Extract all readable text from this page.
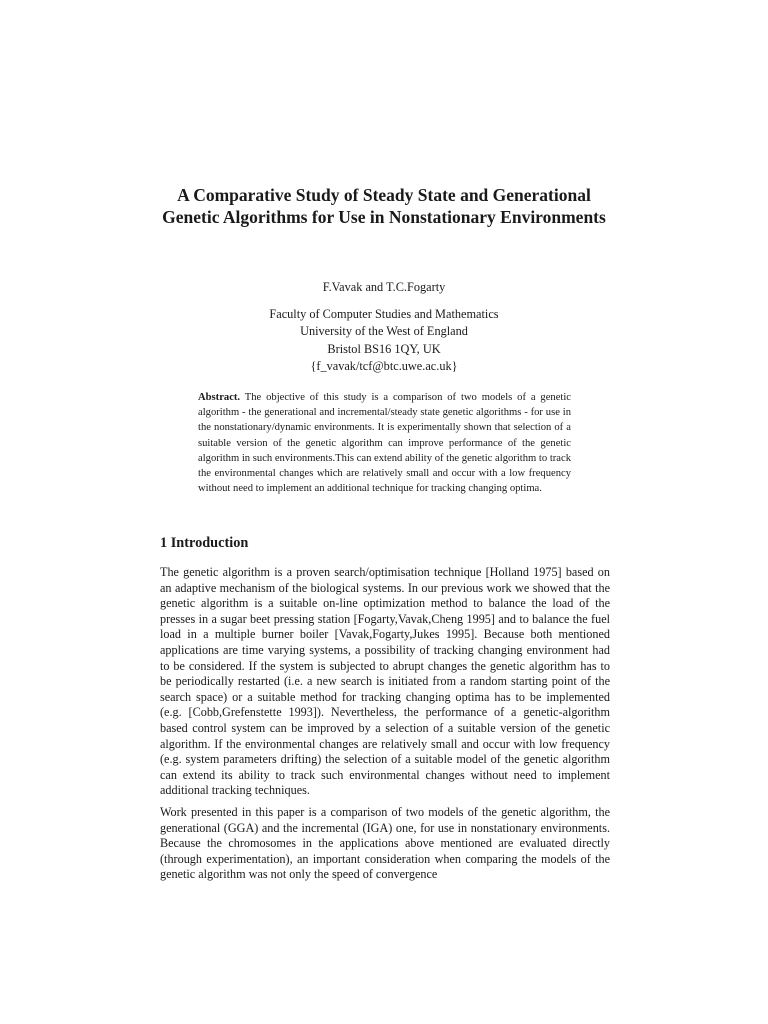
A Comparative Study of Steady State and Generational Genetic Algorithms for Use in Nonstationary Environments

F.Vavak and T.C.Fogarty

Faculty of Computer Studies and Mathematics
University of the West of England
Bristol BS16 1QY, UK
{f_vavak/tcf@btc.uwe.ac.uk}

Abstract. The objective of this study is a comparison of two models of a genetic algorithm - the generational and incremental/steady state genetic algorithms - for use in the nonstationary/dynamic environments. It is experimentally shown that selection of a suitable version of the genetic algorithm can improve performance of the genetic algorithm in such environments.This can extend ability of the genetic algorithm to track the environmental changes which are relatively small and occur with a low frequency without need to implement an additional technique for tracking changing optima.

1 Introduction

The genetic algorithm is a proven search/optimisation technique [Holland 1975] based on an adaptive mechanism of the biological systems. In our previous work we showed that the genetic algorithm is a suitable on-line optimization method to balance the load of the presses in a sugar beet pressing station [Fogarty,Vavak,Cheng 1995] and to balance the fuel load in a multiple burner boiler [Vavak,Fogarty,Jukes 1995]. Because both mentioned applications are time varying systems, a possibility of tracking changing environment had to be considered. If the system is subjected to abrupt changes the genetic algorithm has to be periodically restarted (i.e. a new search is initiated from a random starting point of the search space) or a suitable method for tracking changing optima has to be implemented (e.g. [Cobb,Grefenstette 1993]). Nevertheless, the performance of a genetic-algorithm based control system can be improved by a selection of a suitable version of the genetic algorithm. If the environmental changes are relatively small and occur with low frequency (e.g. system parameters drifting) the selection of a suitable model of the genetic algorithm can extend its ability to track such environmental changes without need to implement additional tracking techniques.

Work presented in this paper is a comparison of two models of the genetic algorithm, the generational (GGA) and the incremental (IGA) one, for use in nonstationary environments. Because the chromosomes in the applications above mentioned are evaluated directly (through experimentation), an important consideration when comparing the models of the genetic algorithm was not only the speed of convergence
